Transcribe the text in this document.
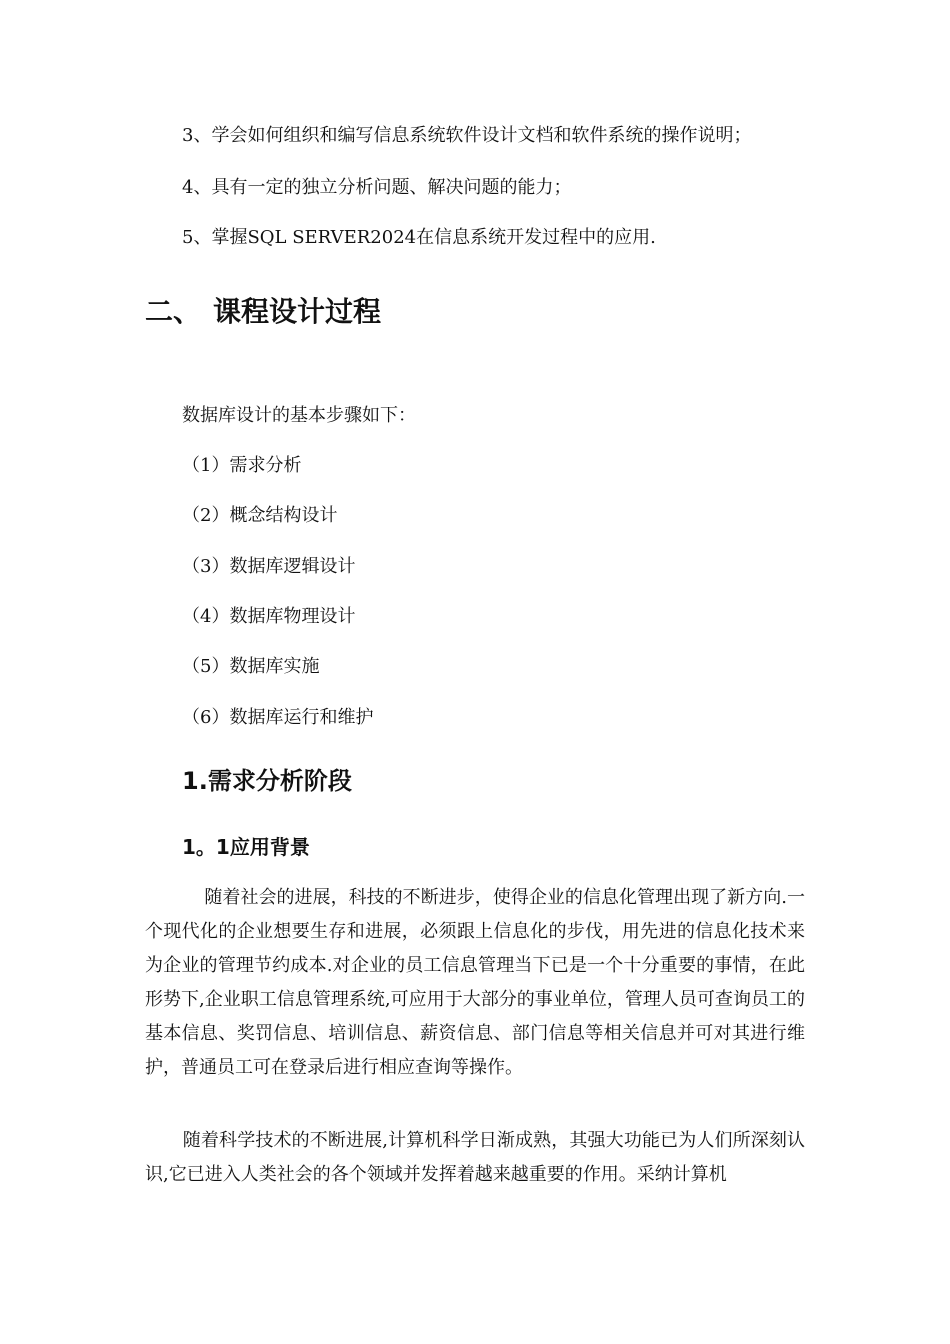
3、学会如何组织和编写信息系统软件设计文档和软件系统的操作说明；
4、具有一定的独立分析问题、解决问题的能力；
5、掌握SQL SERVER2024在信息系统开发过程中的应用.
二、 课程设计过程
数据库设计的基本步骤如下：
（1）需求分析
（2）概念结构设计
（3）数据库逻辑设计
（4）数据库物理设计
（5）数据库实施
（6）数据库运行和维护
1.需求分析阶段
1。1应用背景

随着社会的进展，科技的不断进步，使得企业的信息化管理出现了新方向.一个现代化的企业想要生存和进展，必须跟上信息化的步伐，用先进的信息化技术来为企业的管理节约成本.对企业的员工信息管理当下已是一个十分重要的事情，在此形势下,企业职工信息管理系统,可应用于大部分的事业单位，管理人员可查询员工的基本信息、奖罚信息、培训信息、薪资信息、部门信息等相关信息并可对其进行维护，普通员工可在登录后进行相应查询等操作。

随着科学技术的不断进展,计算机科学日渐成熟，其强大功能已为人们所深刻认识,它已进入人类社会的各个领域并发挥着越来越重要的作用。采纳计算机
